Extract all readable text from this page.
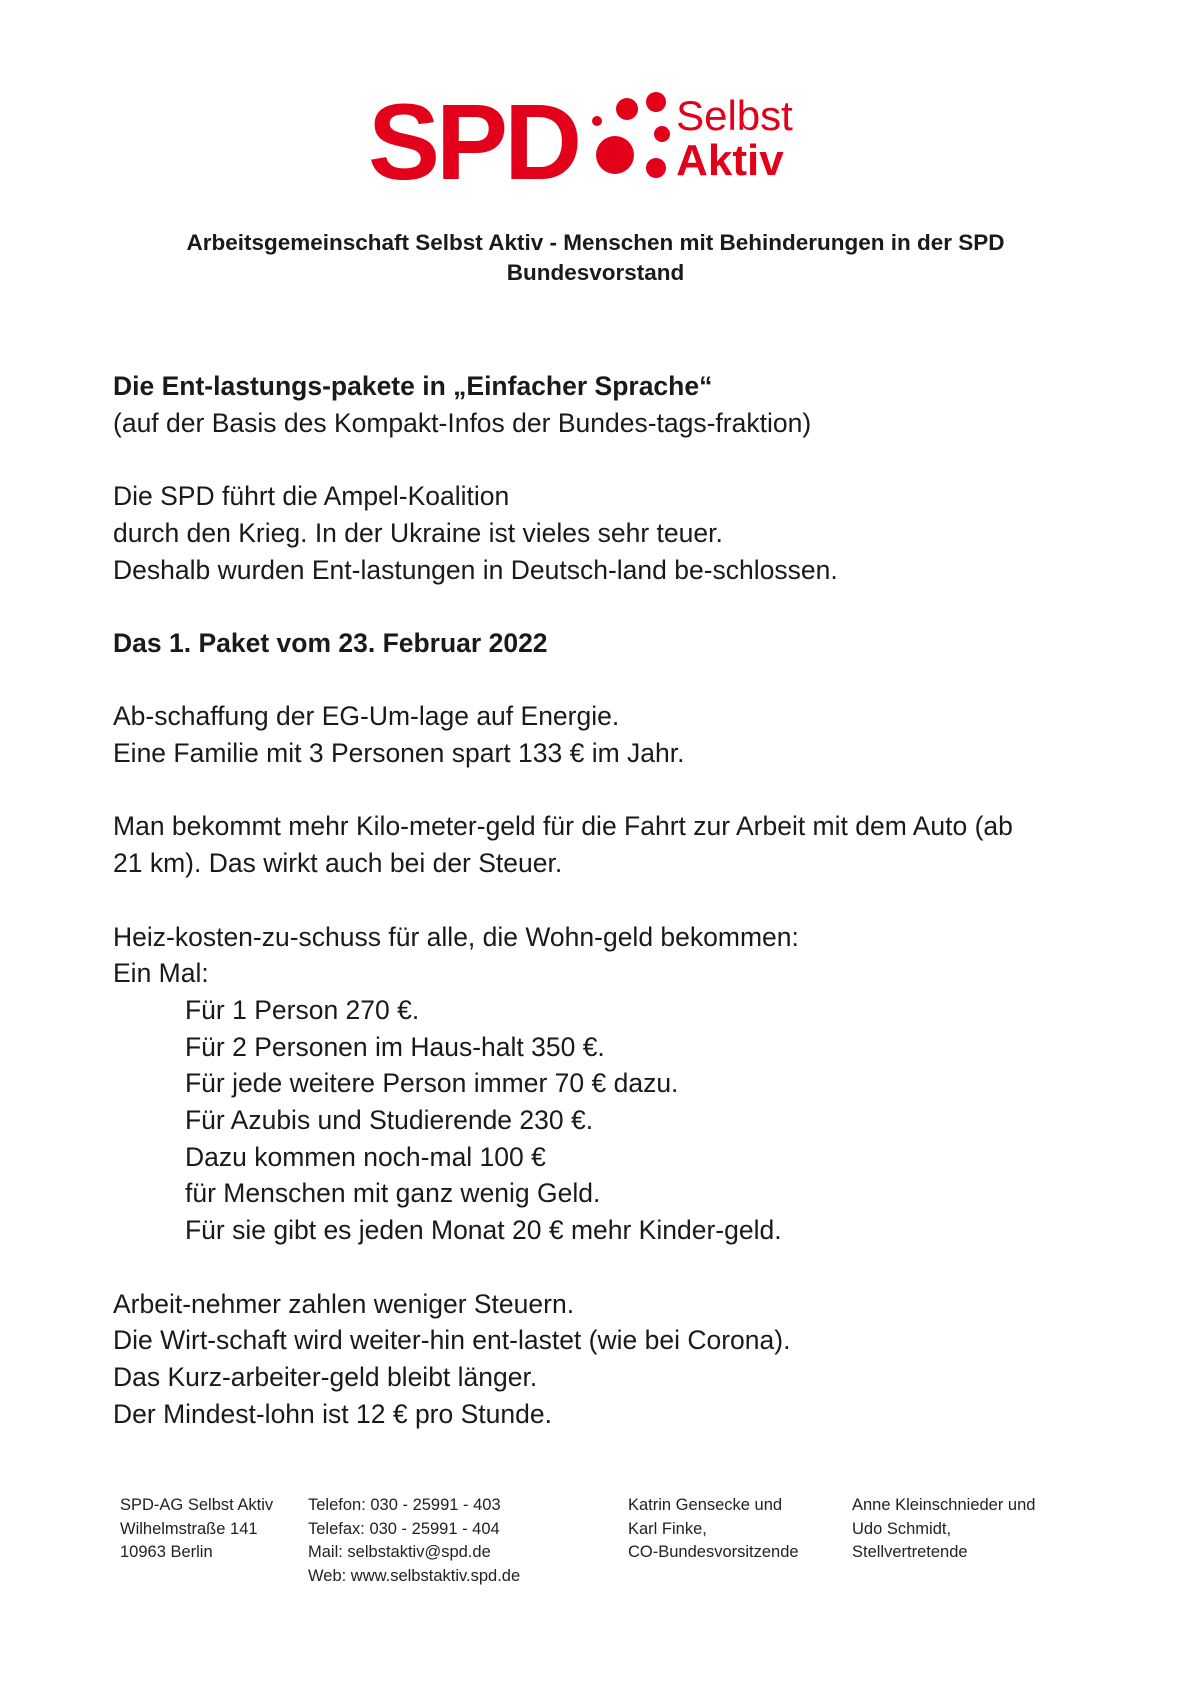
SPD Selbst
Aktiv
Arbeitsgemeinschaft Selbst Aktiv - Menschen mit Behinderungen in der SPD
Bundesvorstand

Die Ent-lastungs-pakete in „Einfacher Sprache“

(auf der Basis des Kompakt-Infos der Bundes-tags-fraktion)

Die SPD führt die Ampel-Koalition

durch den Krieg. In der Ukraine ist vieles sehr teuer.

Deshalb wurden Ent-lastungen in Deutsch-land be-schlossen.

Das 1. Paket vom 23. Februar 2022

Ab-schaffung der EG-Um-lage auf Energie.

Eine Familie mit 3 Personen spart 133 € im Jahr.

Man bekommt mehr Kilo-meter-geld für die Fahrt zur Arbeit mit dem Auto (ab

21 km). Das wirkt auch bei der Steuer.

Heiz-kosten-zu-schuss für alle, die Wohn-geld bekommen:

Ein Mal:

Für 1 Person 270 €.

Für 2 Personen im Haus-halt 350 €.

Für jede weitere Person immer 70 € dazu.

Für Azubis und Studierende 230 €.

Dazu kommen noch-mal 100 €

für Menschen mit ganz wenig Geld.

Für sie gibt es jeden Monat 20 € mehr Kinder-geld.

Arbeit-nehmer zahlen weniger Steuern.

Die Wirt-schaft wird weiter-hin ent-lastet (wie bei Corona).

Das Kurz-arbeiter-geld bleibt länger.

Der Mindest-lohn ist 12 € pro Stunde.

SPD-AG Selbst Aktiv
Wilhelmstraße 141
10963 Berlin
Telefon: 030 - 25991 - 403
Telefax: 030 - 25991 - 404
Mail: selbstaktiv@spd.de
Web: www.selbstaktiv.spd.de
Katrin Gensecke und
Karl Finke,
CO-Bundesvorsitzende
Anne Kleinschnieder und
Udo Schmidt,
Stellvertretende
